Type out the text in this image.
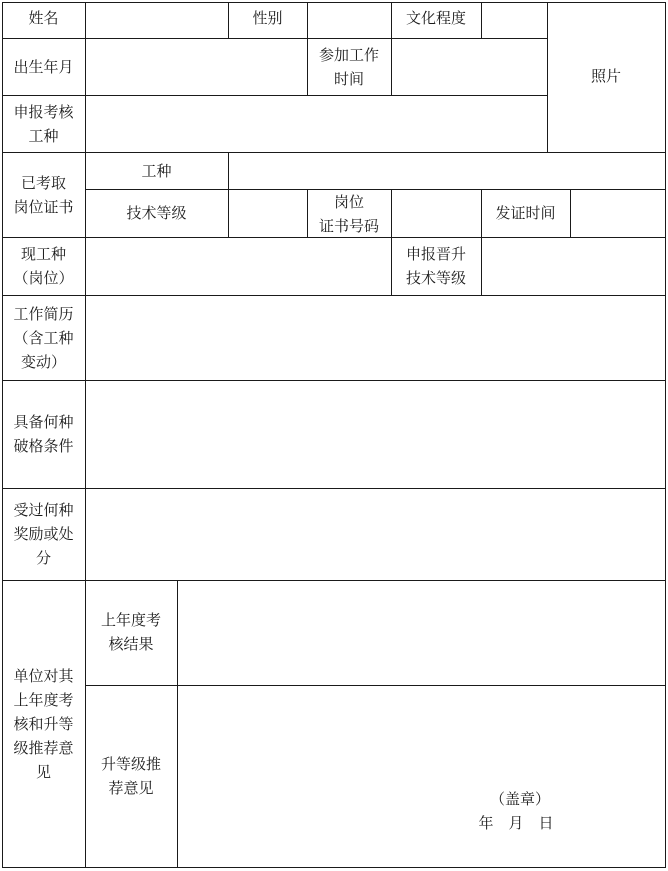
姓名	性别	文化程度
照片
出生年月
参加工作
时间
申报考核
工种
已考取
岗位证书
工种
技术等级
岗位
证书号码
发证时间
现工种
（岗位）
申报晋升
技术等级
工作简历
（含工种
变动）
具备何种
破格条件
受过何种
奖励或处
分
单位对其
上年度考
核和升等
级推荐意
见
上年度考
核结果
升等级推
荐意见
（盖章）
年　月　日
